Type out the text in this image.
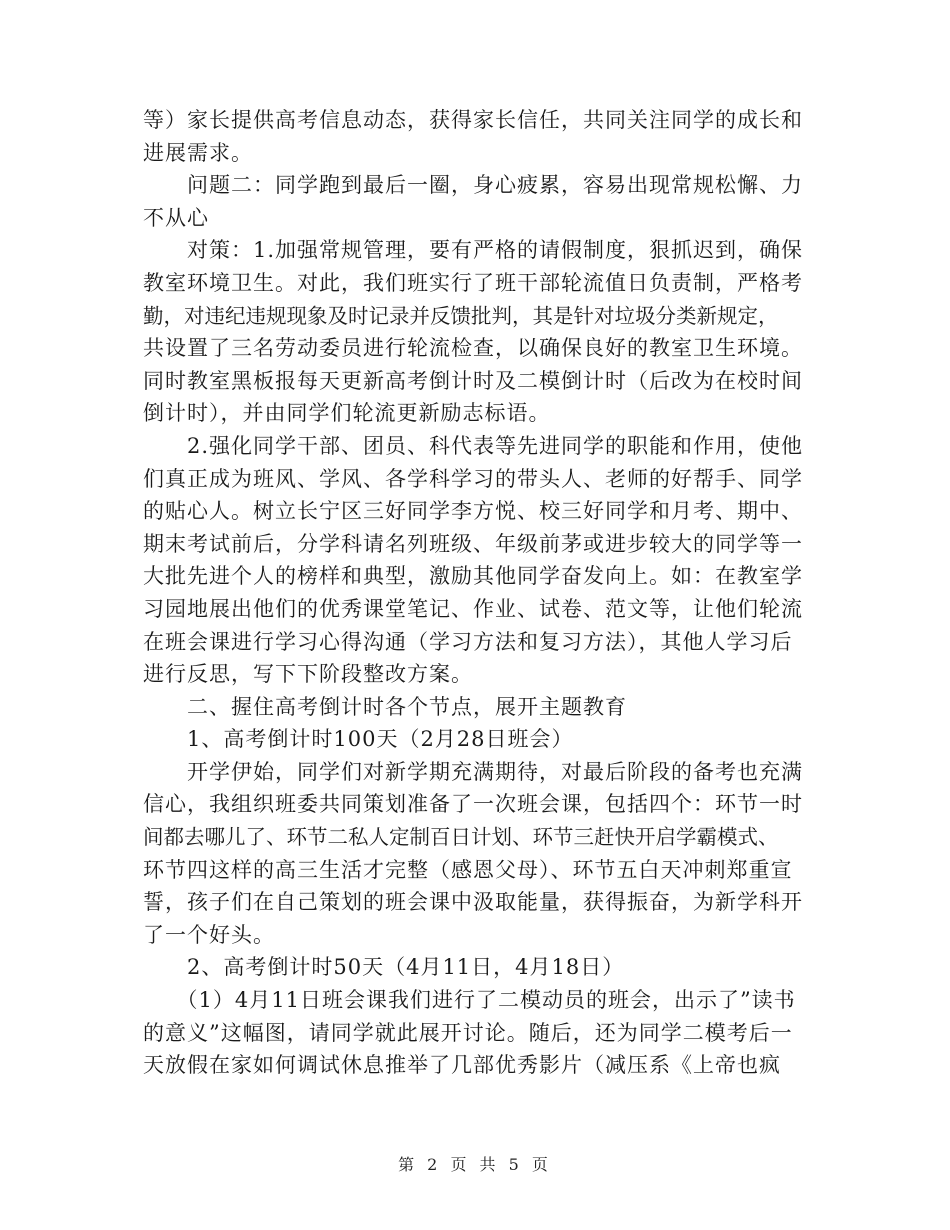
等）家长提供高考信息动态，获得家长信任，共同关注同学的成长和
进展需求。
　　问题二：同学跑到最后一圈，身心疲累，容易出现常规松懈、力
不从心
　　对策：1.加强常规管理，要有严格的请假制度，狠抓迟到，确保
教室环境卫生。对此，我们班实行了班干部轮流值日负责制，严格考
勤，对违纪违规现象及时记录并反馈批判，其是针对垃圾分类新规定，
共设置了三名劳动委员进行轮流检查，以确保良好的教室卫生环境。
同时教室黑板报每天更新高考倒计时及二模倒计时（后改为在校时间
倒计时），并由同学们轮流更新励志标语。
　　2.强化同学干部、团员、科代表等先进同学的职能和作用，使他
们真正成为班风、学风、各学科学习的带头人、老师的好帮手、同学
的贴心人。树立长宁区三好同学李方悦、校三好同学和月考、期中、
期末考试前后，分学科请名列班级、年级前茅或进步较大的同学等一
大批先进个人的榜样和典型，激励其他同学奋发向上。如：在教室学
习园地展出他们的优秀课堂笔记、作业、试卷、范文等，让他们轮流
在班会课进行学习心得沟通（学习方法和复习方法），其他人学习后
进行反思，写下下阶段整改方案。
　　二、握住高考倒计时各个节点，展开主题教育
　　1、高考倒计时100天（2月28日班会）
　　开学伊始，同学们对新学期充满期待，对最后阶段的备考也充满
信心，我组织班委共同策划准备了一次班会课，包括四个：环节一时
间都去哪儿了、环节二私人定制百日计划、环节三赶快开启学霸模式、
环节四这样的高三生活才完整（感恩父母）、环节五白天冲刺郑重宣
誓，孩子们在自己策划的班会课中汲取能量，获得振奋，为新学科开
了一个好头。
　　2、高考倒计时50天（4月11日，4月18日）
　　（1）4月11日班会课我们进行了二模动员的班会，出示了”读书
的意义”这幅图，请同学就此展开讨论。随后，还为同学二模考后一
天放假在家如何调试休息推举了几部优秀影片（减压系《上帝也疯
第 2 页 共 5 页
